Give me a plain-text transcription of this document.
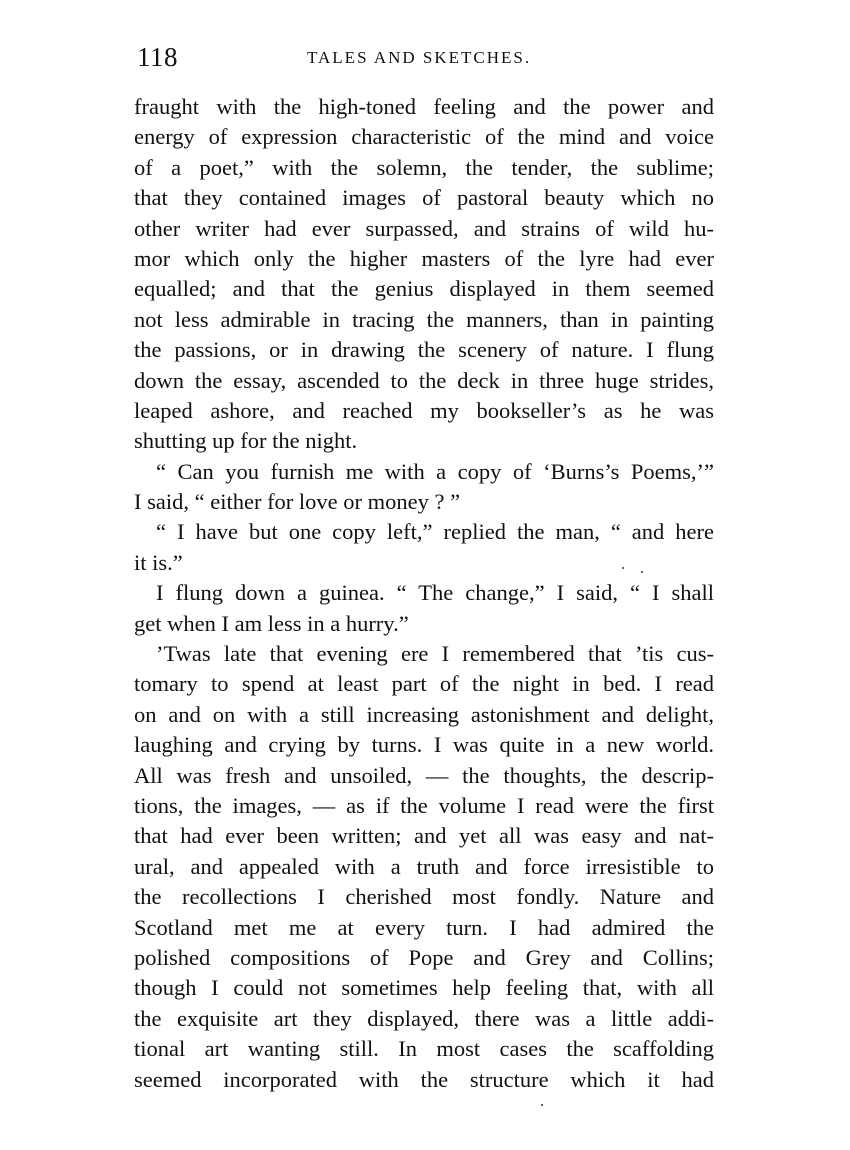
118	TALES AND SKETCHES.
fraught with the high-toned feeling and the power and
energy of expression characteristic of the mind and voice
of a poet,” with the solemn, the tender, the sublime;
that they contained images of pastoral beauty which no
other writer had ever surpassed, and strains of wild hu-
mor which only the higher masters of the lyre had ever
equalled; and that the genius displayed in them seemed
not less admirable in tracing the manners, than in painting
the passions, or in drawing the scenery of nature. I flung
down the essay, ascended to the deck in three huge strides,
leaped ashore, and reached my bookseller’s as he was
shutting up for the night.
“ Can you furnish me with a copy of ‘Burns’s Poems,’”
I said, “ either for love or money ? ”
“ I have but one copy left,” replied the man, “ and here
it is.”
I flung down a guinea. “ The change,” I said, “ I shall
get when I am less in a hurry.”
’Twas late that evening ere I remembered that ’tis cus-
tomary to spend at least part of the night in bed. I read
on and on with a still increasing astonishment and delight,
laughing and crying by turns. I was quite in a new world.
All was fresh and unsoiled, — the thoughts, the descrip-
tions, the images, — as if the volume I read were the first
that had ever been written; and yet all was easy and nat-
ural, and appealed with a truth and force irresistible to
the recollections I cherished most fondly. Nature and
Scotland met me at every turn. I had admired the
polished compositions of Pope and Grey and Collins;
though I could not sometimes help feeling that, with all
the exquisite art they displayed, there was a little addi-
tional art wanting still. In most cases the scaffolding
seemed incorporated with the structure which it had
